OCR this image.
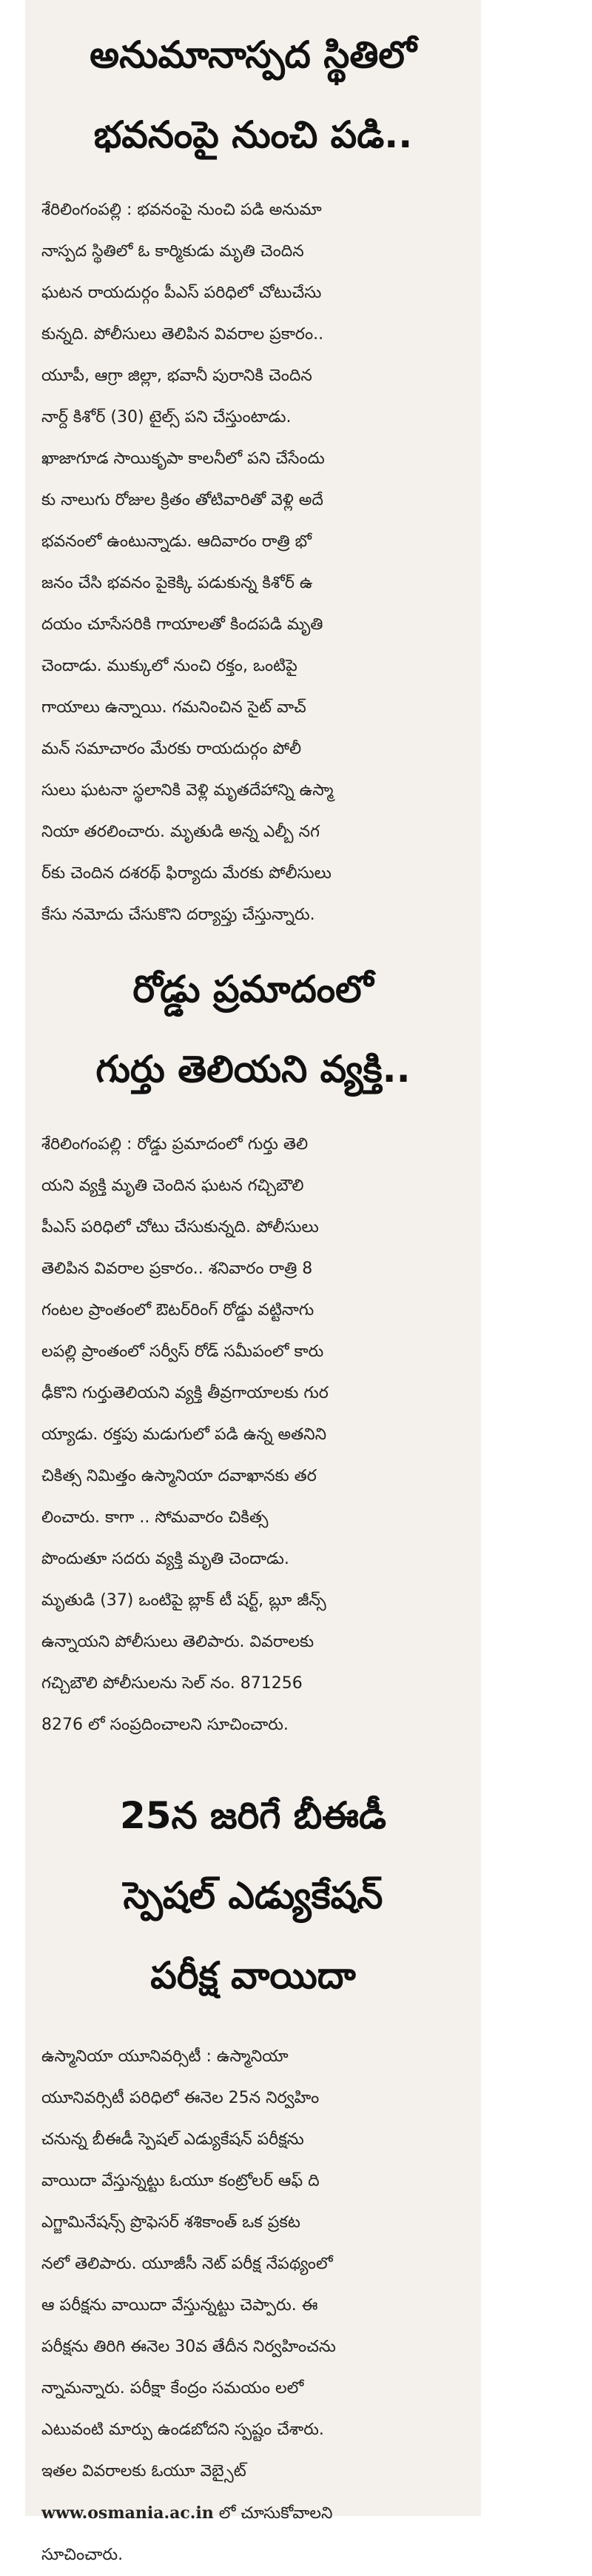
అనుమానాస్పద స్థితిలో
భవనంపై నుంచి పడి..

శేరిలింగంపల్లి : భవనంపై నుంచి పడి అనుమా
నాస్పద స్థితిలో ఓ కార్మికుడు మృతి చెందిన
ఘటన రాయదుర్గం పీఎస్ పరిధిలో చోటుచేసు
కున్నది. పోలీసులు తెలిపిన వివరాల ప్రకారం..
యూపీ, ఆగ్రా జిల్లా, భవానీ పురానికి చెందిన
నార్ద్ కిశోర్ (30) టైల్స్ పని చేస్తుంటాడు.
ఖాజాగూడ సాయికృపా కాలనీలో పని చేసేందు
కు నాలుగు రోజుల క్రితం తోటివారితో వెళ్లి అదే
భవనంలో ఉంటున్నాడు. ఆదివారం రాత్రి భో
జనం చేసి భవనం పైకెక్కి పడుకున్న కిశోర్ ఉ
దయం చూసేసరికి గాయాలతో కిందపడి మృతి
చెందాడు. ముక్కులో నుంచి రక్తం, ఒంటిపై
గాయాలు ఉన్నాయి. గమనించిన సైట్ వాచ్
మన్ సమాచారం మేరకు రాయదుర్గం పోలీ
సులు ఘటనా స్థలానికి వెళ్లి మృతదేహాన్ని ఉస్మా
నియా తరలించారు. మృతుడి అన్న ఎల్బీ నగ
ర్‌కు చెందిన దశరథ్ ఫిర్యాదు మేరకు పోలీసులు
కేసు నమోదు చేసుకొని దర్యాప్తు చేస్తున్నారు.

రోడ్డు ప్రమాదంలో
గుర్తు తెలియని వ్యక్తి..

శేరిలింగంపల్లి : రోడ్డు ప్రమాదంలో గుర్తు తెలి
యని వ్యక్తి మృతి చెందిన ఘటన గచ్చిబౌలి
పీఎస్ పరిధిలో చోటు చేసుకున్నది. పోలీసులు
తెలిపిన వివరాల ప్రకారం.. శనివారం రాత్రి 8
గంటల ప్రాంతంలో ఔటర్‌రింగ్ రోడ్డు వట్టినాగు
లపల్లి ప్రాంతంలో సర్వీస్ రోడ్ సమీపంలో కారు
ఢీకొని గుర్తుతెలియని వ్యక్తి తీవ్రగాయాలకు గుర
య్యాడు. రక్తపు మడుగులో పడి ఉన్న అతనిని
చికిత్స నిమిత్తం ఉస్మానియా దవాఖానకు తర
లించారు. కాగా .. సోమవారం చికిత్స
పొందుతూ సదరు వ్యక్తి మృతి చెందాడు.
మృతుడి (37) ఒంటిపై బ్లాక్ టీ షర్ట్, బ్లూ జీన్స్
ఉన్నాయని పోలీసులు తెలిపారు. వివరాలకు
గచ్చిబౌలి పోలీసులను సెల్ నం. 871256
8276 లో సంప్రదించాలని సూచించారు.

25న జరిగే బీఈడీ
స్పెషల్ ఎడ్యుకేషన్
పరీక్ష వాయిదా

ఉస్మానియా యూనివర్సిటీ : ఉస్మానియా
యూనివర్సిటీ పరిధిలో ఈనెల 25న నిర్వహిం
చనున్న బీఈడీ స్పెషల్ ఎడ్యుకేషన్ పరీక్షను
వాయిదా వేస్తున్నట్టు ఓయూ కంట్రోలర్ ఆఫ్ ది
ఎగ్జామినేషన్స్ ప్రొఫెసర్ శశికాంత్ ఒక ప్రకట
నలో తెలిపారు. యూజీసీ నెట్ పరీక్ష నేపథ్యంలో
ఆ పరీక్షను వాయిదా వేస్తున్నట్టు చెప్పారు. ఈ
పరీక్షను తిరిగి ఈనెల 30వ తేదీన నిర్వహించను
న్నామన్నారు. పరీక్షా కేంద్రం సమయం లలో
ఎటువంటి మార్పు ఉండబోదని స్పష్టం చేశారు.
ఇతల వివరాలకు ఓయూ వెబ్సైట్
www.osmania.ac.in లో చూసుకోవాలని
సూచించారు.
